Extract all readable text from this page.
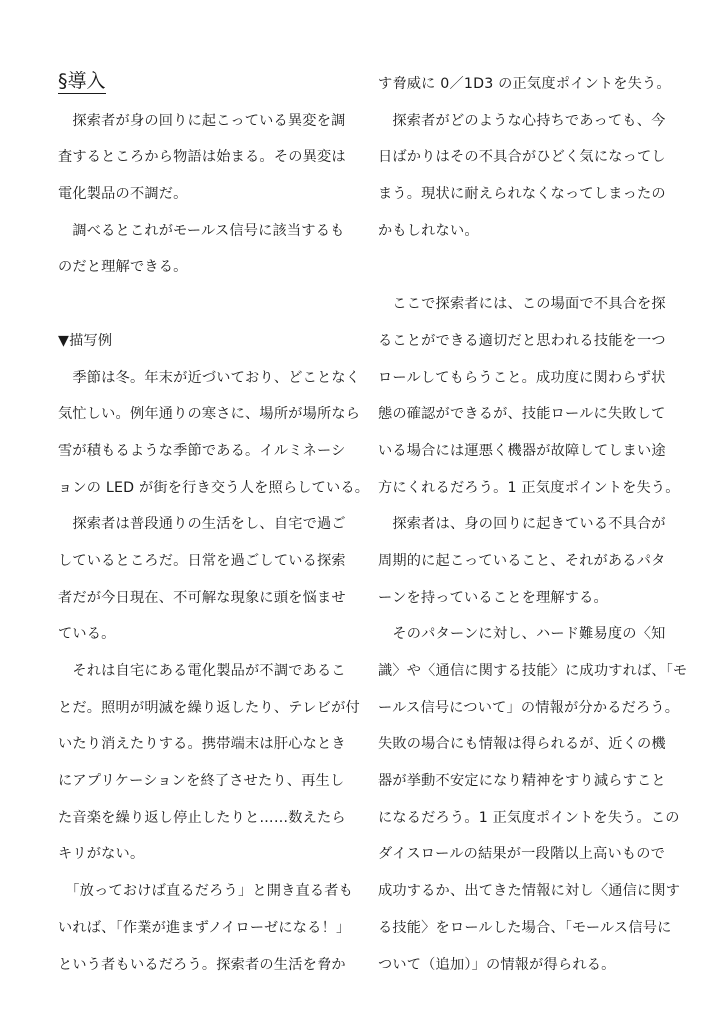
§導入
　探索者が身の回りに起こっている異変を調
査するところから物語は始まる。その異変は
電化製品の不調だ。
　調べるとこれがモールス信号に該当するも
のだと理解できる。
▼描写例
　季節は冬。年末が近づいており、どことなく
気忙しい。例年通りの寒さに、場所が場所なら
雪が積もるような季節である。イルミネーシ
ョンの LED が街を行き交う人を照らしている。
　探索者は普段通りの生活をし、自宅で過ご
しているところだ。日常を過ごしている探索
者だが今日現在、不可解な現象に頭を悩ませ
ている。
　それは自宅にある電化製品が不調であるこ
とだ。照明が明滅を繰り返したり、テレビが付
いたり消えたりする。携帯端末は肝心なとき
にアプリケーションを終了させたり、再生し
た音楽を繰り返し停止したりと……数えたら
キリがない。
　「放っておけば直るだろう」と開き直る者も
いれば、「作業が進まずノイローゼになる！」
という者もいるだろう。探索者の生活を脅か
す脅威に 0／1D3 の正気度ポイントを失う。
　探索者がどのような心持ちであっても、今
日ばかりはその不具合がひどく気になってし
まう。現状に耐えられなくなってしまったの
かもしれない。
　ここで探索者には、この場面で不具合を探
ることができる適切だと思われる技能を一つ
ロールしてもらうこと。成功度に関わらず状
態の確認ができるが、技能ロールに失敗して
いる場合には運悪く機器が故障してしまい途
方にくれるだろう。1 正気度ポイントを失う。
　探索者は、身の回りに起きている不具合が
周期的に起こっていること、それがあるパタ
ーンを持っていることを理解する。
　そのパターンに対し、ハード難易度の〈知
識〉や〈通信に関する技能〉に成功すれば、「モ
ールス信号について」の情報が分かるだろう。
失敗の場合にも情報は得られるが、近くの機
器が挙動不安定になり精神をすり減らすこと
になるだろう。1 正気度ポイントを失う。この
ダイスロールの結果が一段階以上高いもので
成功するか、出てきた情報に対し〈通信に関す
る技能〉をロールした場合、「モールス信号に
ついて（追加）」の情報が得られる。
